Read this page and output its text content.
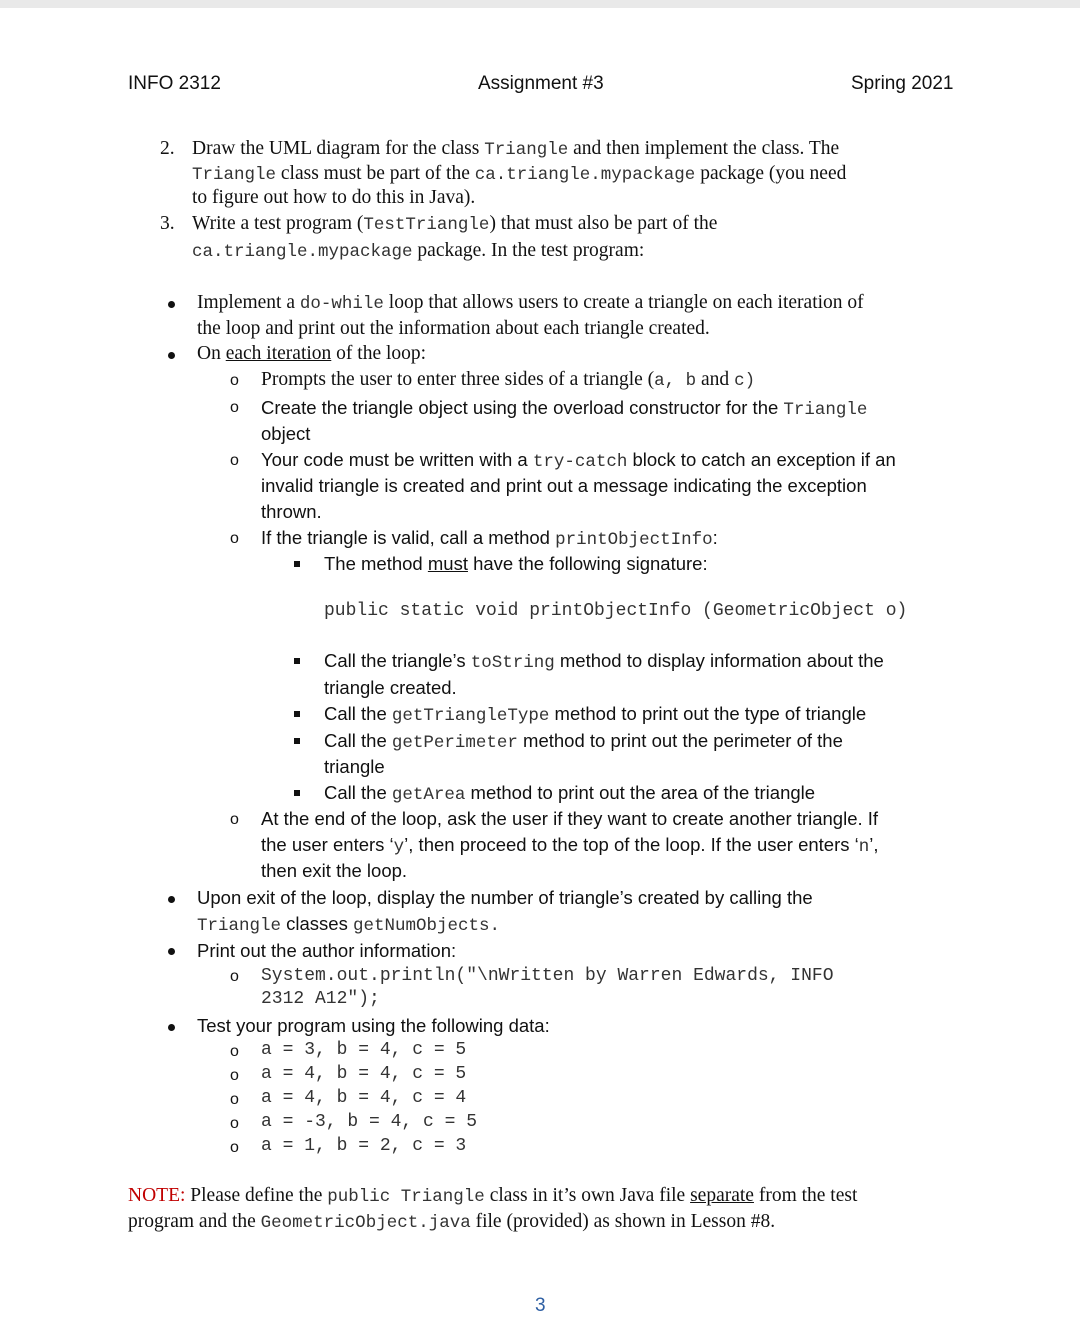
INFO 2312	Assignment #3	Spring 2021
2. Draw the UML diagram for the class Triangle and then implement the class. The
Triangle class must be part of the ca.triangle.mypackage package (you need
to figure out how to do this in Java).
3. Write a test program (TestTriangle) that must also be part of the
ca.triangle.mypackage package. In the test program:
Implement a do-while loop that allows users to create a triangle on each iteration of
the loop and print out the information about each triangle created.
On each iteration of the loop:
o Prompts the user to enter three sides of a triangle (a, b and c)
o Create the triangle object using the overload constructor for the Triangle
object
o Your code must be written with a try-catch block to catch an exception if an
invalid triangle is created and print out a message indicating the exception
thrown.
o If the triangle is valid, call a method printObjectInfo:
The method must have the following signature:
public static void printObjectInfo (GeometricObject o)
Call the triangle’s toString method to display information about the
triangle created.
Call the getTriangleType method to print out the type of triangle
Call the getPerimeter method to print out the perimeter of the
triangle
Call the getArea method to print out the area of the triangle
o At the end of the loop, ask the user if they want to create another triangle. If
the user enters ‘y’, then proceed to the top of the loop. If the user enters ‘n’,
then exit the loop.
Upon exit of the loop, display the number of triangle’s created by calling the
Triangle classes getNumObjects.
Print out the author information:
o System.out.println("\nWritten by Warren Edwards, INFO
2312 A12");
Test your program using the following data:
o a = 3, b = 4, c = 5
o a = 4, b = 4, c = 5
o a = 4, b = 4, c = 4
o a = -3, b = 4, c = 5
o a = 1, b = 2, c = 3
NOTE: Please define the public Triangle class in it’s own Java file separate from the test
program and the GeometricObject.java file (provided) as shown in Lesson #8.
3
